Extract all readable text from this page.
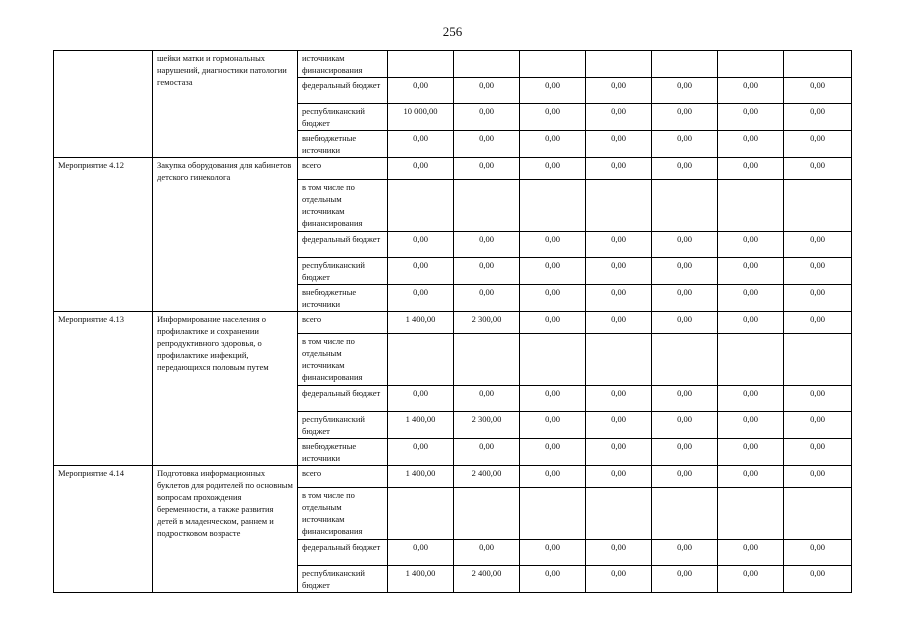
256
	шейки матки и гормональных нарушений, диагностики патологии гемостаза	источникам финансирования							
		федеральный бюджет	0,00	0,00	0,00	0,00	0,00	0,00	0,00
		республиканский бюджет	10 000,00	0,00	0,00	0,00	0,00	0,00	0,00
		внебюджетные источники	0,00	0,00	0,00	0,00	0,00	0,00	0,00
Мероприятие 4.12	Закупка оборудования для кабинетов детского гинеколога	всего	0,00	0,00	0,00	0,00	0,00	0,00	0,00
		в том числе по отдельным источникам финансирования							
		федеральный бюджет	0,00	0,00	0,00	0,00	0,00	0,00	0,00
		республиканский бюджет	0,00	0,00	0,00	0,00	0,00	0,00	0,00
		внебюджетные источники	0,00	0,00	0,00	0,00	0,00	0,00	0,00
Мероприятие 4.13	Информирование населения о профилактике и сохранении репродуктивного здоровья, о профилактике инфекций, передающихся половым путем	всего	1 400,00	2 300,00	0,00	0,00	0,00	0,00	0,00
		в том числе по отдельным источникам финансирования							
		федеральный бюджет	0,00	0,00	0,00	0,00	0,00	0,00	0,00
		республиканский бюджет	1 400,00	2 300,00	0,00	0,00	0,00	0,00	0,00
		внебюджетные источники	0,00	0,00	0,00	0,00	0,00	0,00	0,00
Мероприятие 4.14	Подготовка информационных буклетов для родителей по основным вопросам прохождения беременности, а также развития детей в младенческом, раннем и подростковом возрасте	всего	1 400,00	2 400,00	0,00	0,00	0,00	0,00	0,00
		в том числе по отдельным источникам финансирования							
		федеральный бюджет	0,00	0,00	0,00	0,00	0,00	0,00	0,00
		республиканский бюджет	1 400,00	2 400,00	0,00	0,00	0,00	0,00	0,00
